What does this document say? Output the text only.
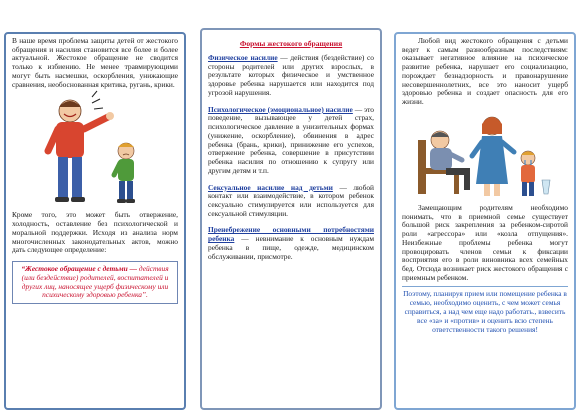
В наше время проблема защиты детей от жестокого обращения и насилия становится все более и более актуальной. Жестокое обращение не сводится только к избиению. Не менее травмирующими могут быть насмешки, оскорбления, унижающие сравнения, необоснованная критика, ругань, крики.

Кроме того, это может быть отвержение, холодность, оставление без психологической и моральной поддержки. Исходя из анализа норм многочисленных законодательных актов, можно дать следующее определение:

“Жестокое обращение с детьми — действия (или бездействие) родителей, воспитателей и других лиц, наносящее ущерб физическому или психическому здоровью ребенка”.
Формы жестокого обращения

Физическое насилие — действия (бездействие) со стороны родителей или других взрослых, в результате которых физическое и умственное здоровье ребенка нарушается или находится под угрозой нарушения.

Психологическое (эмоциональное) насилие — это поведение, вызывающее у детей страх, психологическое давление в унизительных формах (унижение, оскорбление), обвинения в адрес ребенка (брань, крики), принижение его успехов, отвержение ребенка, совершение в присутствии ребенка насилия по отношению к супругу или другим детям и т.п.

Сексуальное насилие над детьми — любой контакт или взаимодействие, в котором ребенок сексуально стимулируется или используется для сексуальной стимуляции.

Пренебрежение основными потребностями ребенка — невнимание к основным нуждам ребенка в пище, одежде, медицинском обслуживании, присмотре.

Любой вид жестокого обращения с детьми ведет к самым разнообразным последствиям: оказывает негативное влияние на психическое развитие ребенка, нарушает его социализацию, порождает безнадзорность и правонарушение несовершеннолетних, все это наносит ущерб здоровью ребенка и создает опасность для его жизни.

Замещающим родителям необходимо понимать, что в приемной семье существует большой риск закрепления за ребенком-сиротой роли «агрессора» или «козла отпущения». Неизбежные проблемы ребенка могут провоцировать членов семьи к фиксации восприятия его в роли виновника всех семейных бед. Отсюда возникает риск жестокого обращения с приемным ребенком.

Поэтому, планируя прием или помещение ребенка в семью, необходимо оценить, с чем может семья справиться, а над чем еще надо работать., взвесить все «за» и «против» и оценить всю степень ответственности такого решения!
